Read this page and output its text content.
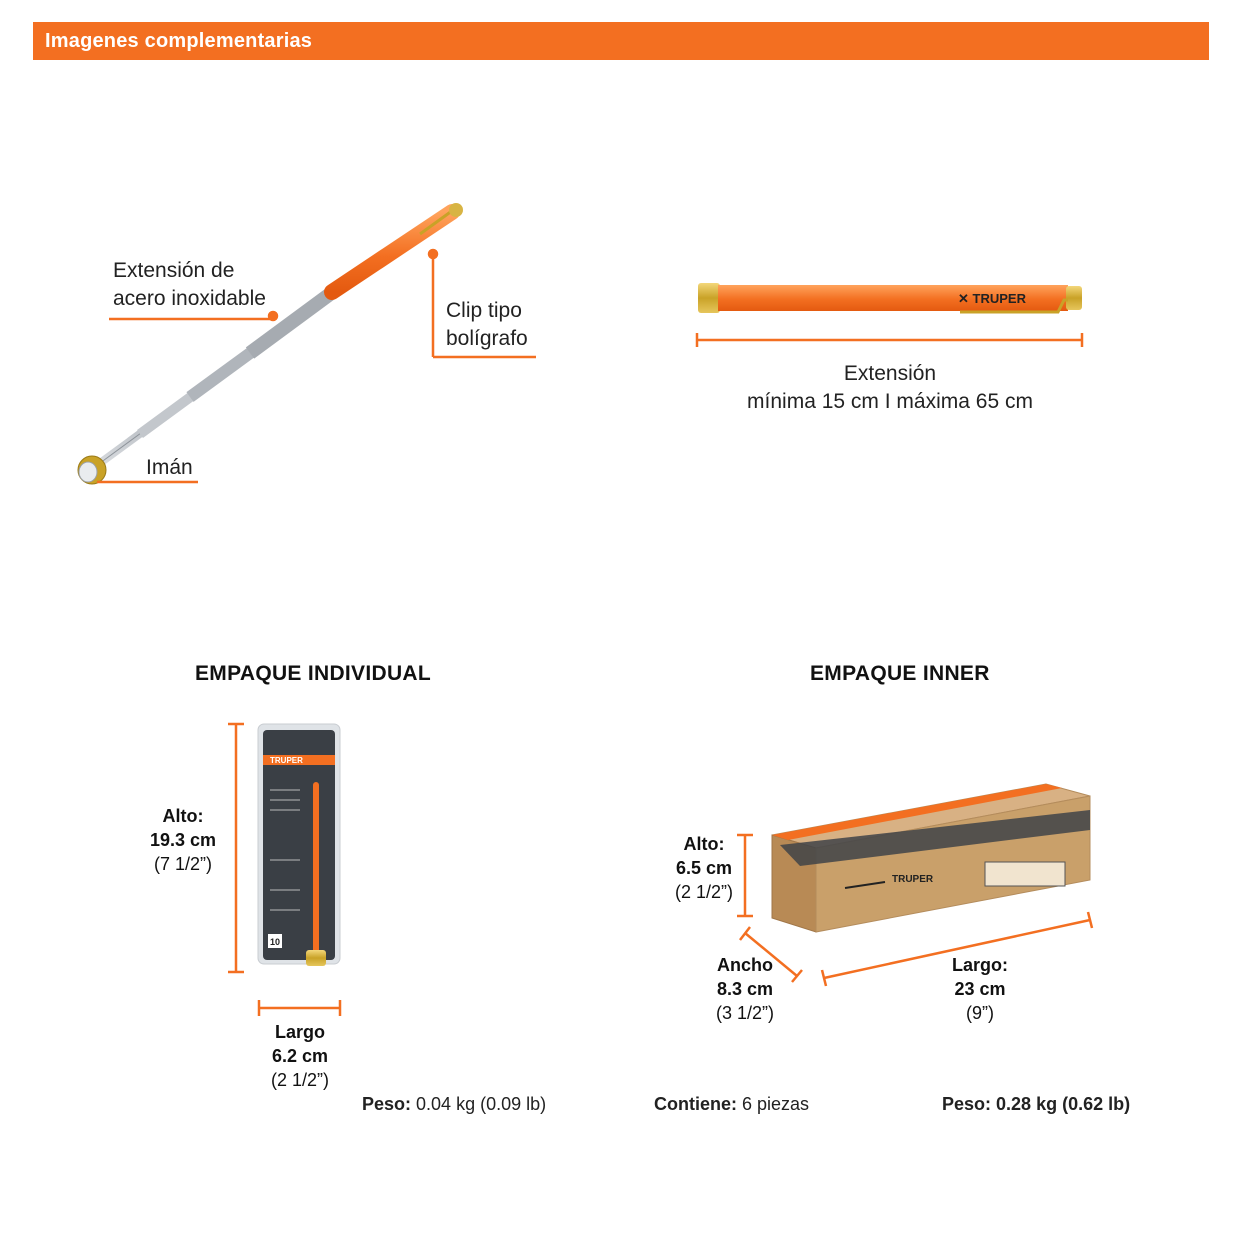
Imagenes complementarias
✕ TRUPER
TRUPER
10
TRUPER
Extensión de
acero inoxidable
Clip tipo
bolígrafo
Imán
Extensión
mínima 15 cm I máxima 65 cm
EMPAQUE INDIVIDUAL
Alto:
19.3 cm
(7 1/2”)
Largo
6.2 cm
(2 1/2”)
Peso: 0.04 kg (0.09 lb)
EMPAQUE INNER
Alto:
6.5 cm
(2 1/2”)
Ancho
8.3 cm
(3 1/2”)
Largo:
23 cm
(9”)
Contiene: 6 piezas	Peso: 0.28 kg (0.62 lb)
